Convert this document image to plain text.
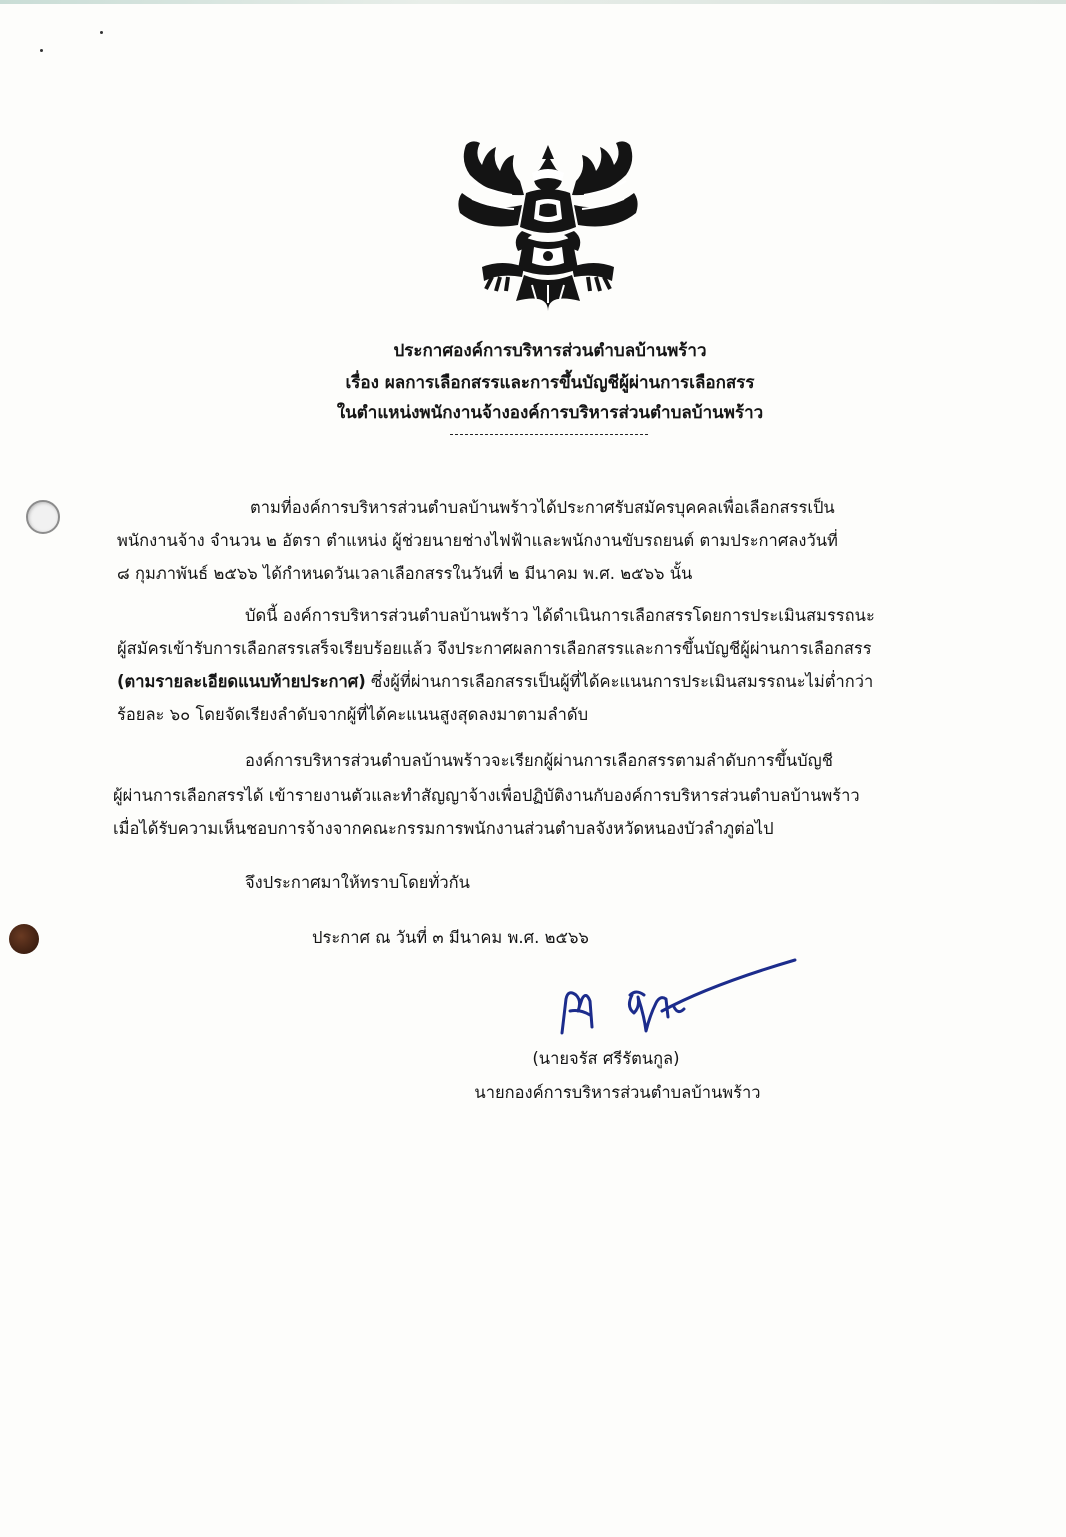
ประกาศองค์การบริหารส่วนตำบลบ้านพร้าว
เรื่อง ผลการเลือกสรรและการขึ้นบัญชีผู้ผ่านการเลือกสรร
ในตำแหน่งพนักงานจ้างองค์การบริหารส่วนตำบลบ้านพร้าว
ตามที่องค์การบริหารส่วนตำบลบ้านพร้าวได้ประกาศรับสมัครบุคคลเพื่อเลือกสรรเป็น
พนักงานจ้าง จำนวน ๒ อัตรา ตำแหน่ง ผู้ช่วยนายช่างไฟฟ้าและพนักงานขับรถยนต์ ตามประกาศลงวันที่
๘ กุมภาพันธ์ ๒๕๖๖ ได้กำหนดวันเวลาเลือกสรรในวันที่ ๒ มีนาคม พ.ศ. ๒๕๖๖ นั้น
บัดนี้ องค์การบริหารส่วนตำบลบ้านพร้าว ได้ดำเนินการเลือกสรรโดยการประเมินสมรรถนะ
ผู้สมัครเข้ารับการเลือกสรรเสร็จเรียบร้อยแล้ว จึงประกาศผลการเลือกสรรและการขึ้นบัญชีผู้ผ่านการเลือกสรร
(ตามรายละเอียดแนบท้ายประกาศ) ซึ่งผู้ที่ผ่านการเลือกสรรเป็นผู้ที่ได้คะแนนการประเมินสมรรถนะไม่ต่ำกว่า
ร้อยละ ๖๐ โดยจัดเรียงลำดับจากผู้ที่ได้คะแนนสูงสุดลงมาตามลำดับ
องค์การบริหารส่วนตำบลบ้านพร้าวจะเรียกผู้ผ่านการเลือกสรรตามลำดับการขึ้นบัญชี
ผู้ผ่านการเลือกสรรได้ เข้ารายงานตัวและทำสัญญาจ้างเพื่อปฏิบัติงานกับองค์การบริหารส่วนตำบลบ้านพร้าว
เมื่อได้รับความเห็นชอบการจ้างจากคณะกรรมการพนักงานส่วนตำบลจังหวัดหนองบัวลำภูต่อไป
จึงประกาศมาให้ทราบโดยทั่วกัน
ประกาศ ณ วันที่ ๓ มีนาคม พ.ศ. ๒๕๖๖
(นายจรัส ศรีรัตนกูล)
นายกองค์การบริหารส่วนตำบลบ้านพร้าว
